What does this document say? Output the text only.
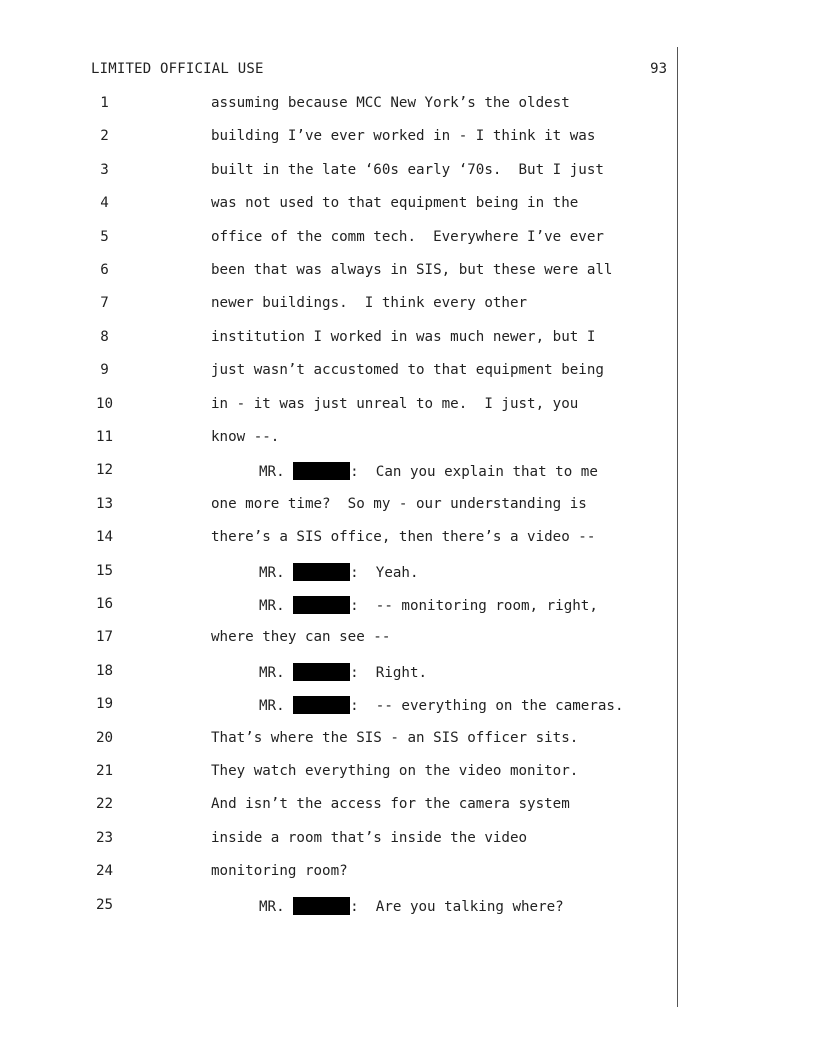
LIMITED OFFICIAL USE	93
1	assuming because MCC New York’s the oldest
2	building I’ve ever worked in - I think it was
3	built in the late ‘60s early ‘70s.  But I just
4	was not used to that equipment being in the
5	office of the comm tech.  Everywhere I’ve ever
6	been that was always in SIS, but these were all
7	newer buildings.  I think every other
8	institution I worked in was much newer, but I
9	just wasn’t accustomed to that equipment being
10	in - it was just unreal to me.  I just, you
11	know --.
12	MR.	:  Can you explain that to me
13	one more time?  So my - our understanding is
14	there’s a SIS office, then there’s a video --
15	MR.	:  Yeah.
16	MR.	:  -- monitoring room, right,
17	where they can see --
18	MR.	:  Right.
19	MR.	:  -- everything on the cameras.
20	That’s where the SIS - an SIS officer sits.
21	They watch everything on the video monitor.
22	And isn’t the access for the camera system
23	inside a room that’s inside the video
24	monitoring room?
25	MR.	:  Are you talking where?
